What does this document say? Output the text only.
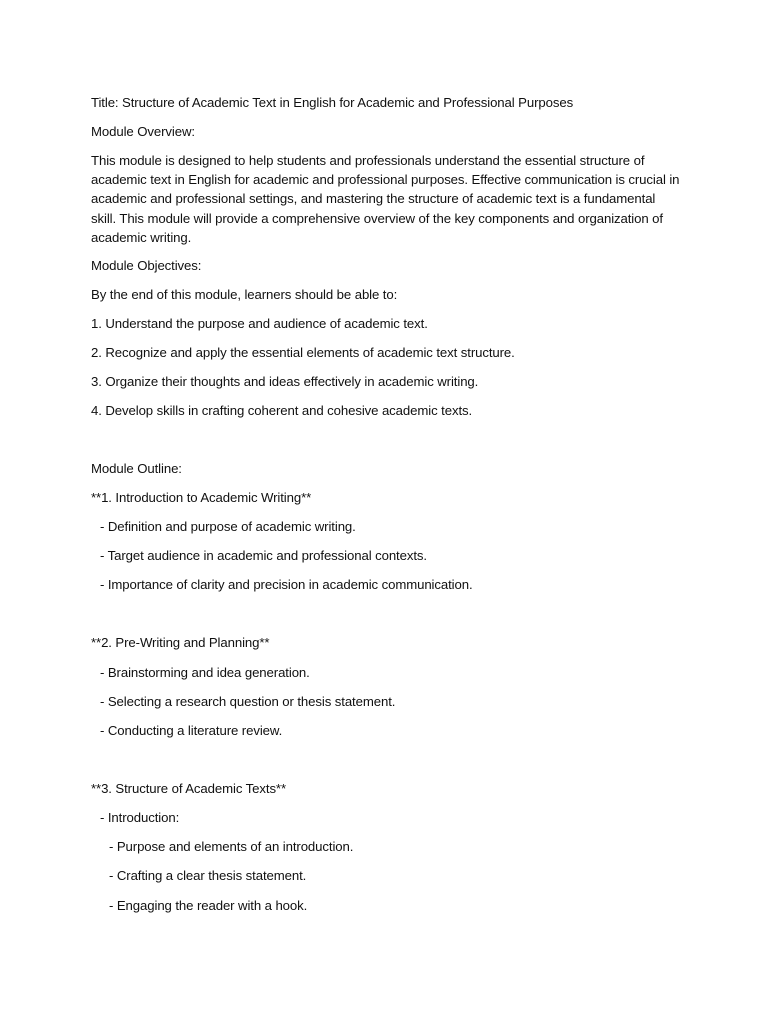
Title: Structure of Academic Text in English for Academic and Professional Purposes
Module Overview:
This module is designed to help students and professionals understand the essential structure of academic text in English for academic and professional purposes. Effective communication is crucial in academic and professional settings, and mastering the structure of academic text is a fundamental skill. This module will provide a comprehensive overview of the key components and organization of academic writing.
Module Objectives:
By the end of this module, learners should be able to:
1. Understand the purpose and audience of academic text.
2. Recognize and apply the essential elements of academic text structure.
3. Organize their thoughts and ideas effectively in academic writing.
4. Develop skills in crafting coherent and cohesive academic texts.
Module Outline:
**1. Introduction to Academic Writing**
- Definition and purpose of academic writing.
- Target audience in academic and professional contexts.
- Importance of clarity and precision in academic communication.
**2. Pre-Writing and Planning**
- Brainstorming and idea generation.
- Selecting a research question or thesis statement.
- Conducting a literature review.
**3. Structure of Academic Texts**
- Introduction:
- Purpose and elements of an introduction.
- Crafting a clear thesis statement.
- Engaging the reader with a hook.
